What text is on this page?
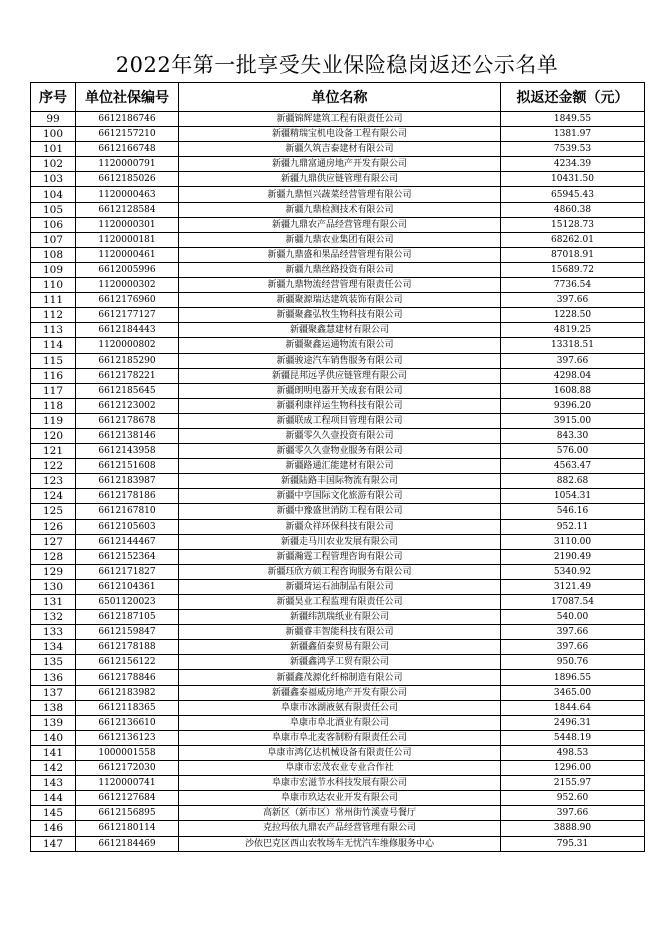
2022年第一批享受失业保险稳岗返还公示名单
序号	单位社保编号	单位名称	拟返还金额（元）
99	6612186746	新疆锦辉建筑工程有限责任公司	1849.55
100	6612157210	新疆精瑞宝机电设备工程有限公司	1381.97
101	6612166748	新疆久筑吉泰建材有限公司	7539.53
102	1120000791	新疆九鼎富通房地产开发有限公司	4234.39
103	6612185026	新疆九鼎供应链管理有限公司	10431.50
104	1120000463	新疆九鼎恒兴蔬菜经营管理有限公司	65945.43
105	6612128584	新疆九鼎检测技术有限公司	4860.38
106	1120000301	新疆九鼎农产品经营管理有限公司	15128.73
107	1120000181	新疆九鼎农业集团有限公司	68262.01
108	1120000461	新疆九鼎盛和果品经营管理有限公司	87018.91
109	6612005996	新疆九鼎丝路投资有限公司	15689.72
110	1120000302	新疆九鼎物流经营管理有限责任公司	7736.54
111	6612176960	新疆聚源瑞达建筑装饰有限公司	397.66
112	6612177127	新疆聚鑫弘牧生物科技有限公司	1228.50
113	6612184443	新疆聚鑫慧建材有限公司	4819.25
114	1120000802	新疆聚鑫运通物流有限公司	13318.51
115	6612185290	新疆骏途汽车销售服务有限公司	397.66
116	6612178221	新疆昆邦远孚供应链管理有限公司	4298.04
117	6612185645	新疆朗明电器开关成套有限公司	1608.88
118	6612123002	新疆利康祥运生物科技有限公司	9396.20
119	6612178678	新疆联成工程项目管理有限公司	3915.00
120	6612138146	新疆零久久壹投资有限公司	843.30
121	6612143958	新疆零久久壹物业服务有限公司	576.00
122	6612151608	新疆路通汇能建材有限公司	4563.47
123	6612183987	新疆陆路丰国际物流有限公司	882.68
124	6612178186	新疆中亨国际文化旅游有限公司	1054.31
125	6612167810	新疆中豫盛世消防工程有限公司	546.16
126	6612105603	新疆众祥环保科技有限公司	952.11
127	6612144467	新疆走马川农业发展有限公司	3110.00
128	6612152364	新疆瀚霆工程管理咨询有限公司	2190.49
129	6612171827	新疆珏欣方硕工程咨询服务有限公司	5340.92
130	6612104361	新疆琦运石油制品有限公司	3121.49
131	6501120023	新疆昊业工程监理有限责任公司	17087.54
132	6612187105	新疆纬凯瑞纸业有限公司	540.00
133	6612159847	新疆睿丰智能科技有限公司	397.66
134	6612178188	新疆鑫佰泰贸易有限公司	397.66
135	6612156122	新疆鑫鸿孚工贸有限公司	950.76
136	6612178846	新疆鑫茂源化纤棉制造有限公司	1896.55
137	6612183982	新疆鑫泰福威房地产开发有限公司	3465.00
138	6612118365	阜康市冰湖液氨有限责任公司	1844.64
139	6612136610	阜康市阜北酒业有限公司	2496.31
140	6612136123	阜康市阜北麦客制粉有限责任公司	5448.19
141	1000001558	阜康市鸿亿达机械设备有限责任公司	498.53
142	6612172030	阜康市宏茂农业专业合作社	1296.00
143	1120000741	阜康市宏滋节水科技发展有限公司	2155.97
144	6612127684	阜康市玖达农业开发有限公司	952.60
145	6612156895	高新区（新市区）常州街竹溪壹号餐厅	397.66
146	6612180114	克拉玛依九鼎农产品经营管理有限公司	3888.90
147	6612184469	沙依巴克区西山农牧场车无忧汽车维修服务中心	795.31
